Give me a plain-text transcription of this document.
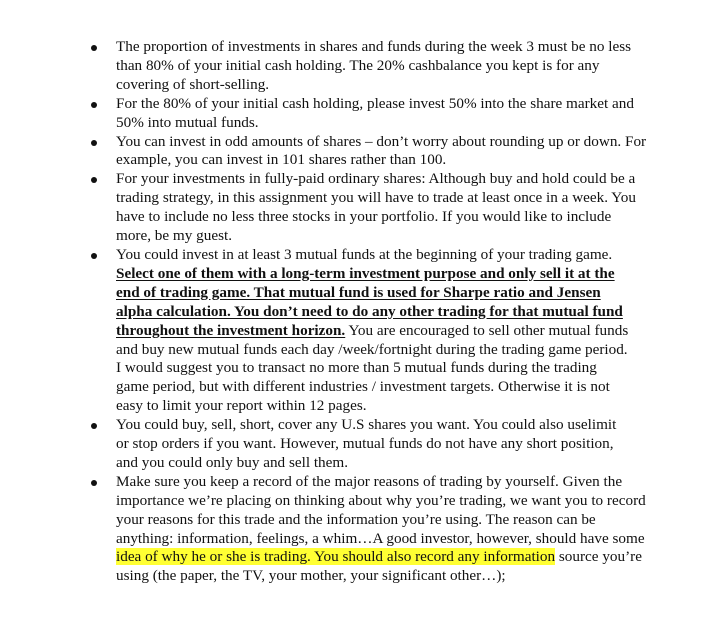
The proportion of investments in shares and funds during the week 3 must be no less
than 80% of your initial cash holding. The 20% cashbalance you kept is for any
covering of short-selling.
For the 80% of your initial cash holding, please invest 50% into the share market and
50% into mutual funds.
You can invest in odd amounts of shares – don’t worry about rounding up or down. For
example, you can invest in 101 shares rather than 100.
For your investments in fully-paid ordinary shares: Although buy and hold could be a
trading strategy, in this assignment you will have to trade at least once in a week. You
have to include no less three stocks in your portfolio. If you would like to include
more, be my guest.
You could invest in at least 3 mutual funds at the beginning of your trading game.
Select one of them with a long-term investment purpose and only sell it at the
end of trading game. That mutual fund is used for Sharpe ratio and Jensen
alpha calculation. You don’t need to do any other trading for that mutual fund
throughout the investment horizon. You are encouraged to sell other mutual funds
and buy new mutual funds each day /week/fortnight during the trading game period.
I would suggest you to transact no more than 5 mutual funds during the trading
game period, but with different industries / investment targets. Otherwise it is not
easy to limit your report within 12 pages.
You could buy, sell, short, cover any U.S shares you want. You could also uselimit
or stop orders if you want. However, mutual funds do not have any short position,
and you could only buy and sell them.
Make sure you keep a record of the major reasons of trading by yourself. Given the
importance we’re placing on thinking about why you’re trading, we want you to record
your reasons for this trade and the information you’re using. The reason can be
anything: information, feelings, a whim…A good investor, however, should have some
idea of why he or she is trading. You should also record any information source you’re
using (the paper, the TV, your mother, your significant other…);
